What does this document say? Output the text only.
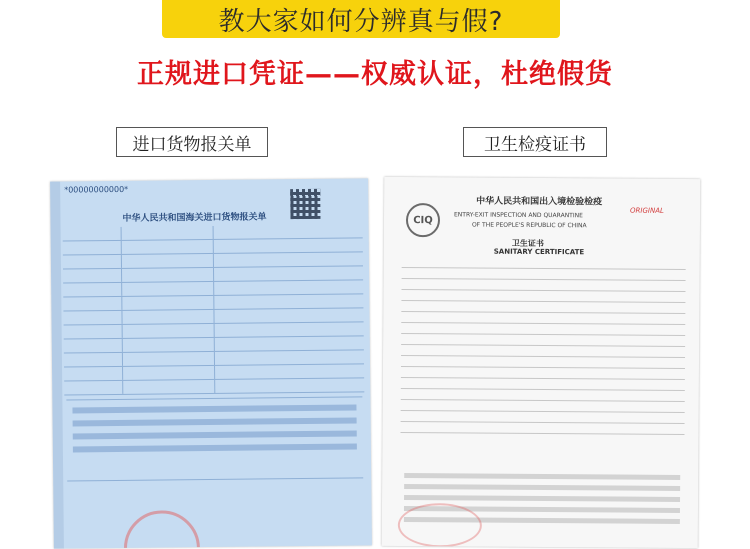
教大家如何分辨真与假?
正规进口凭证——权威认证，杜绝假货
进口货物报关单	卫生检疫证书
*00000000000*
中华人民共和国海关进口货物报关单	CIQ
中华人民共和国出入境检验检疫
ENTRY-EXIT INSPECTION AND QUARANTINE
OF THE PEOPLE'S REPUBLIC OF CHINA
ORIGINAL
卫生证书
SANITARY CERTIFICATE
